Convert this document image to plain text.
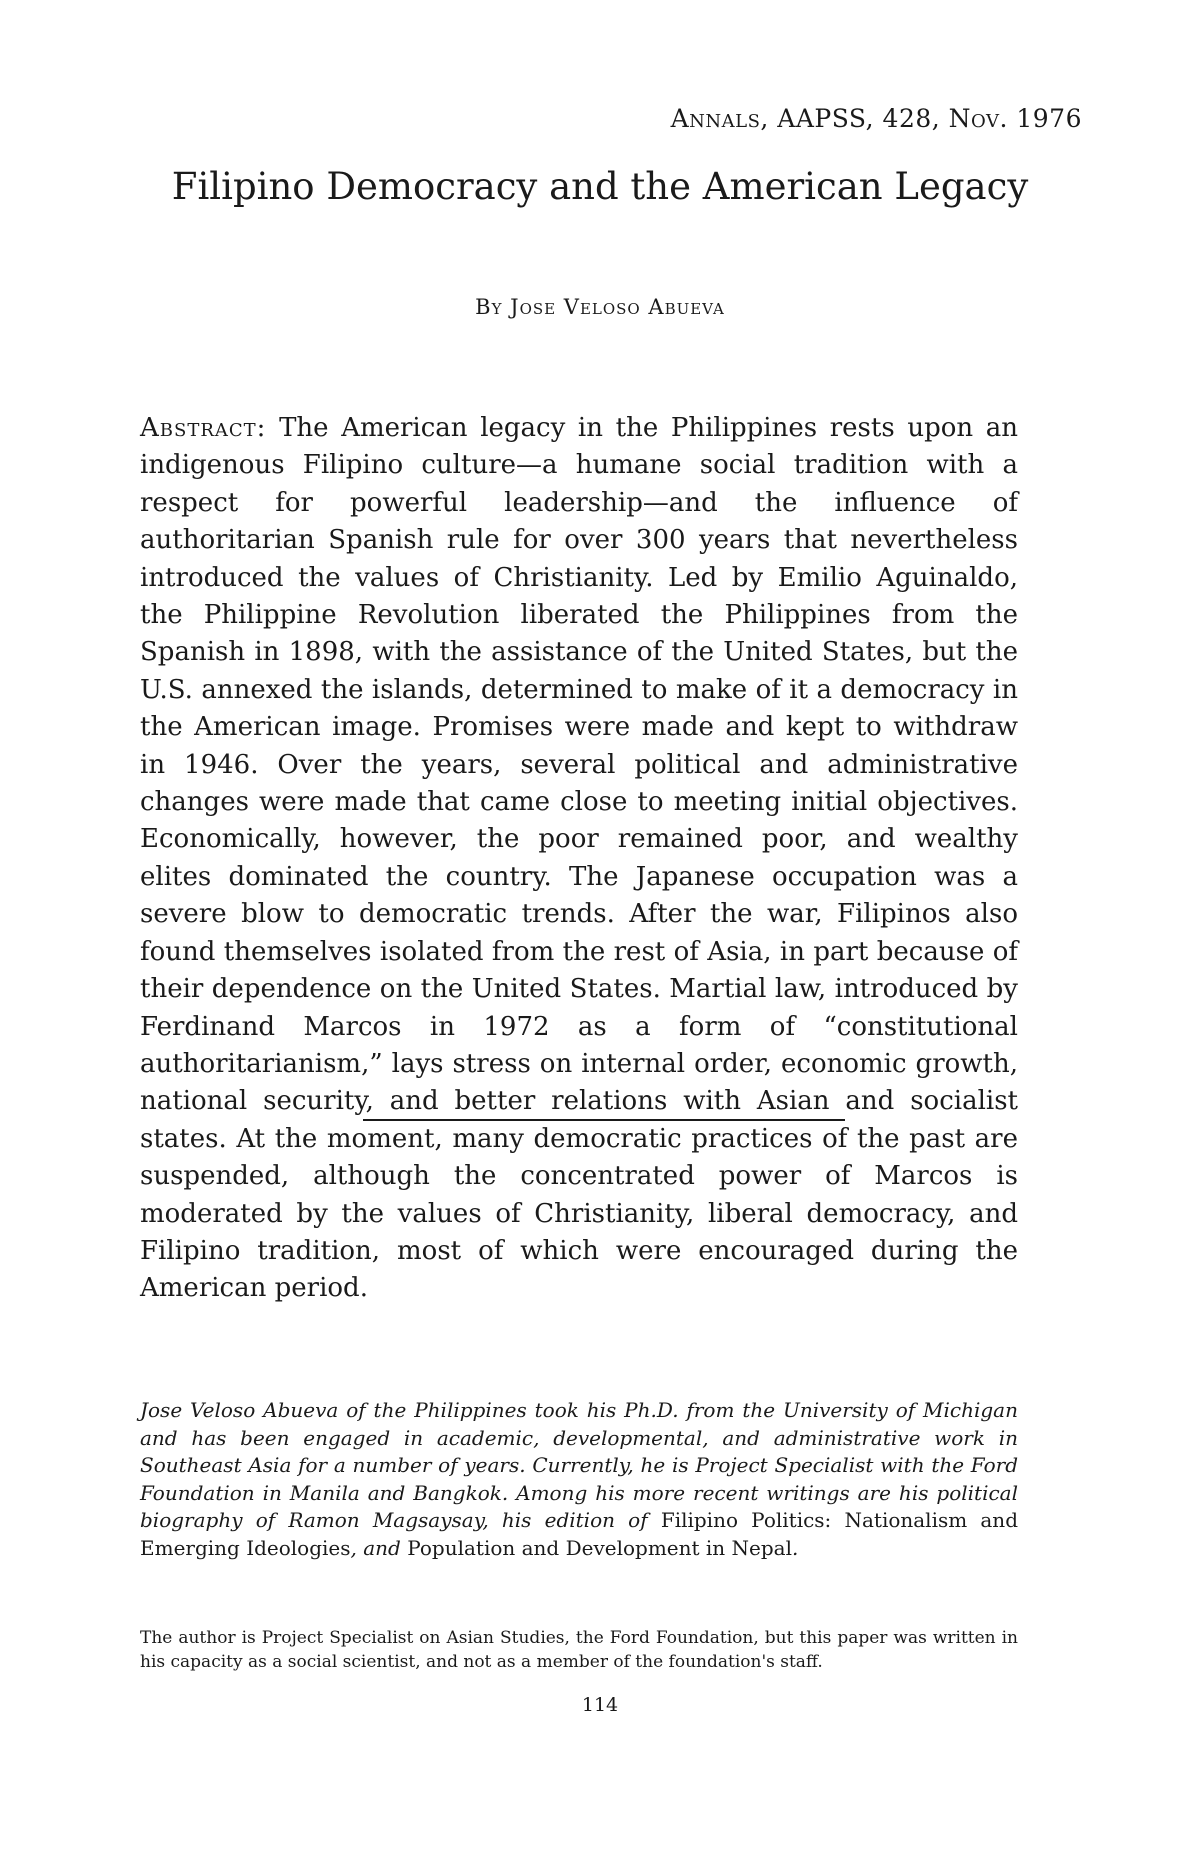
Annals, AAPSS, 428, Nov. 1976
Filipino Democracy and the American Legacy
By Jose Veloso Abueva

Abstract: The American legacy in the Philippines rests upon an indigenous Filipino culture—a humane social tradition with a respect for powerful leadership—and the influence of authoritarian Spanish rule for over 300 years that nevertheless introduced the values of Christianity. Led by Emilio Aguinaldo, the Philippine Revolution liberated the Philippines from the Spanish in 1898, with the assistance of the United States, but the U.S. annexed the islands, determined to make of it a democracy in the American image. Promises were made and kept to withdraw in 1946. Over the years, several political and administrative changes were made that came close to meeting initial objectives. Economically, however, the poor remained poor, and wealthy elites dominated the country. The Japanese occupation was a severe blow to democratic trends. After the war, Filipinos also found themselves isolated from the rest of Asia, in part because of their dependence on the United States. Martial law, introduced by Ferdinand Marcos in 1972 as a form of “constitutional authoritarianism,” lays stress on internal order, economic growth, national security, and better relations with Asian and socialist states. At the moment, many democratic practices of the past are suspended, although the concentrated power of Marcos is moderated by the values of Christianity, liberal democracy, and Filipino tradition, most of which were encouraged during the American period.

Jose Veloso Abueva of the Philippines took his Ph.D. from the University of Michigan and has been engaged in academic, developmental, and administrative work in Southeast Asia for a number of years. Currently, he is Project Specialist with the Ford Foundation in Manila and Bangkok. Among his more recent writings are his political biography of Ramon Magsaysay, his edition of Filipino Politics: Nationalism and Emerging Ideologies, and Population and Development in Nepal.

The author is Project Specialist on Asian Studies, the Ford Foundation, but this paper was written in his capacity as a social scientist, and not as a member of the foundation's staff.

114
